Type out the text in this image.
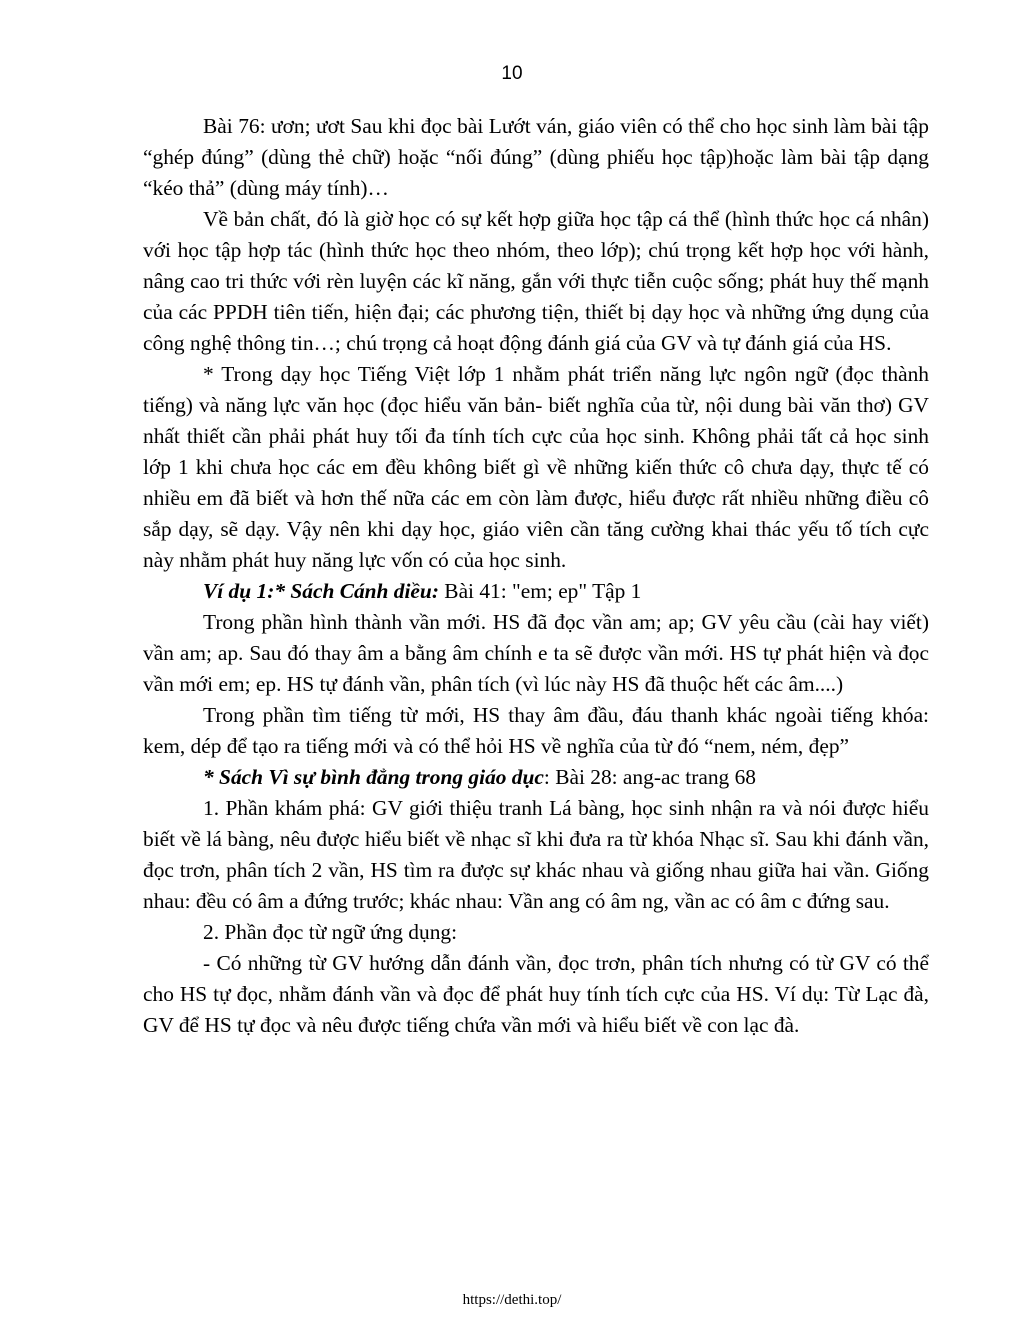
10

Bài 76: ươn; ươt Sau khi đọc bài Lướt ván, giáo viên có thể cho học sinh làm bài tập “ghép đúng” (dùng thẻ chữ) hoặc “nối đúng” (dùng phiếu học tập)hoặc làm bài tập dạng “kéo thả” (dùng máy tính)…

Về bản chất, đó là giờ học có sự kết hợp giữa học tập cá thể (hình thức học cá nhân) với học tập hợp tác (hình thức học theo nhóm, theo lớp); chú trọng kết hợp học với hành, nâng cao tri thức với rèn luyện các kĩ năng, gắn với thực tiễn cuộc sống; phát huy thế mạnh của các PPDH tiên tiến, hiện đại; các phương tiện, thiết bị dạy học và những ứng dụng của công nghệ thông tin…; chú trọng cả hoạt động đánh giá của GV và tự đánh giá của HS.

* Trong dạy học Tiếng Việt lớp 1 nhằm phát triển năng lực ngôn ngữ (đọc thành tiếng) và năng lực văn học (đọc hiểu văn bản- biết nghĩa của từ, nội dung bài văn thơ) GV nhất thiết cần phải phát huy tối đa tính tích cực của học sinh. Không phải tất cả học sinh lớp 1 khi chưa học các em đều không biết gì về những kiến thức cô chưa dạy, thực tế có nhiều em đã biết và hơn thế nữa các em còn làm được, hiểu được rất nhiều những điều cô sắp dạy, sẽ dạy. Vậy nên khi dạy học, giáo viên cần tăng cường khai thác yếu tố tích cực này nhằm phát huy năng lực vốn có của học sinh.

Ví dụ 1:* Sách Cánh diều: Bài 41: "em; ep" Tập 1

Trong phần hình thành vần mới. HS đã đọc vần am; ap; GV yêu cầu (cài hay viết) vần am; ap. Sau đó thay âm a bằng âm chính e ta sẽ được vần mới. HS tự phát hiện và đọc vần mới em; ep. HS tự đánh vần, phân tích (vì lúc này HS đã thuộc hết các âm....)

Trong phần tìm tiếng từ mới, HS thay âm đầu, đáu thanh khác ngoài tiếng khóa: kem, dép để tạo ra tiếng mới và có thể hỏi HS về nghĩa của từ đó “nem, ném, đẹp”

* Sách Vì sự bình đẳng trong giáo dục: Bài 28: ang-ac trang 68

1. Phần khám phá: GV giới thiệu tranh Lá bàng, học sinh nhận ra và nói được hiểu biết về lá bàng, nêu được hiểu biết về nhạc sĩ khi đưa ra từ khóa Nhạc sĩ. Sau khi đánh vần, đọc trơn, phân tích 2 vần, HS tìm ra được sự khác nhau và giống nhau giữa hai vần. Giống nhau: đều có âm a đứng trước; khác nhau: Vần ang có âm ng, vần ac có âm c đứng sau.

2. Phần đọc từ ngữ ứng dụng:

- Có những từ GV hướng dẫn đánh vần, đọc trơn, phân tích nhưng có từ GV có thể cho HS tự đọc, nhằm đánh vần và đọc để phát huy tính tích cực của HS. Ví dụ: Từ Lạc đà, GV để HS tự đọc và nêu được tiếng chứa vần mới và hiểu biết về con lạc đà.

https://dethi.top/
